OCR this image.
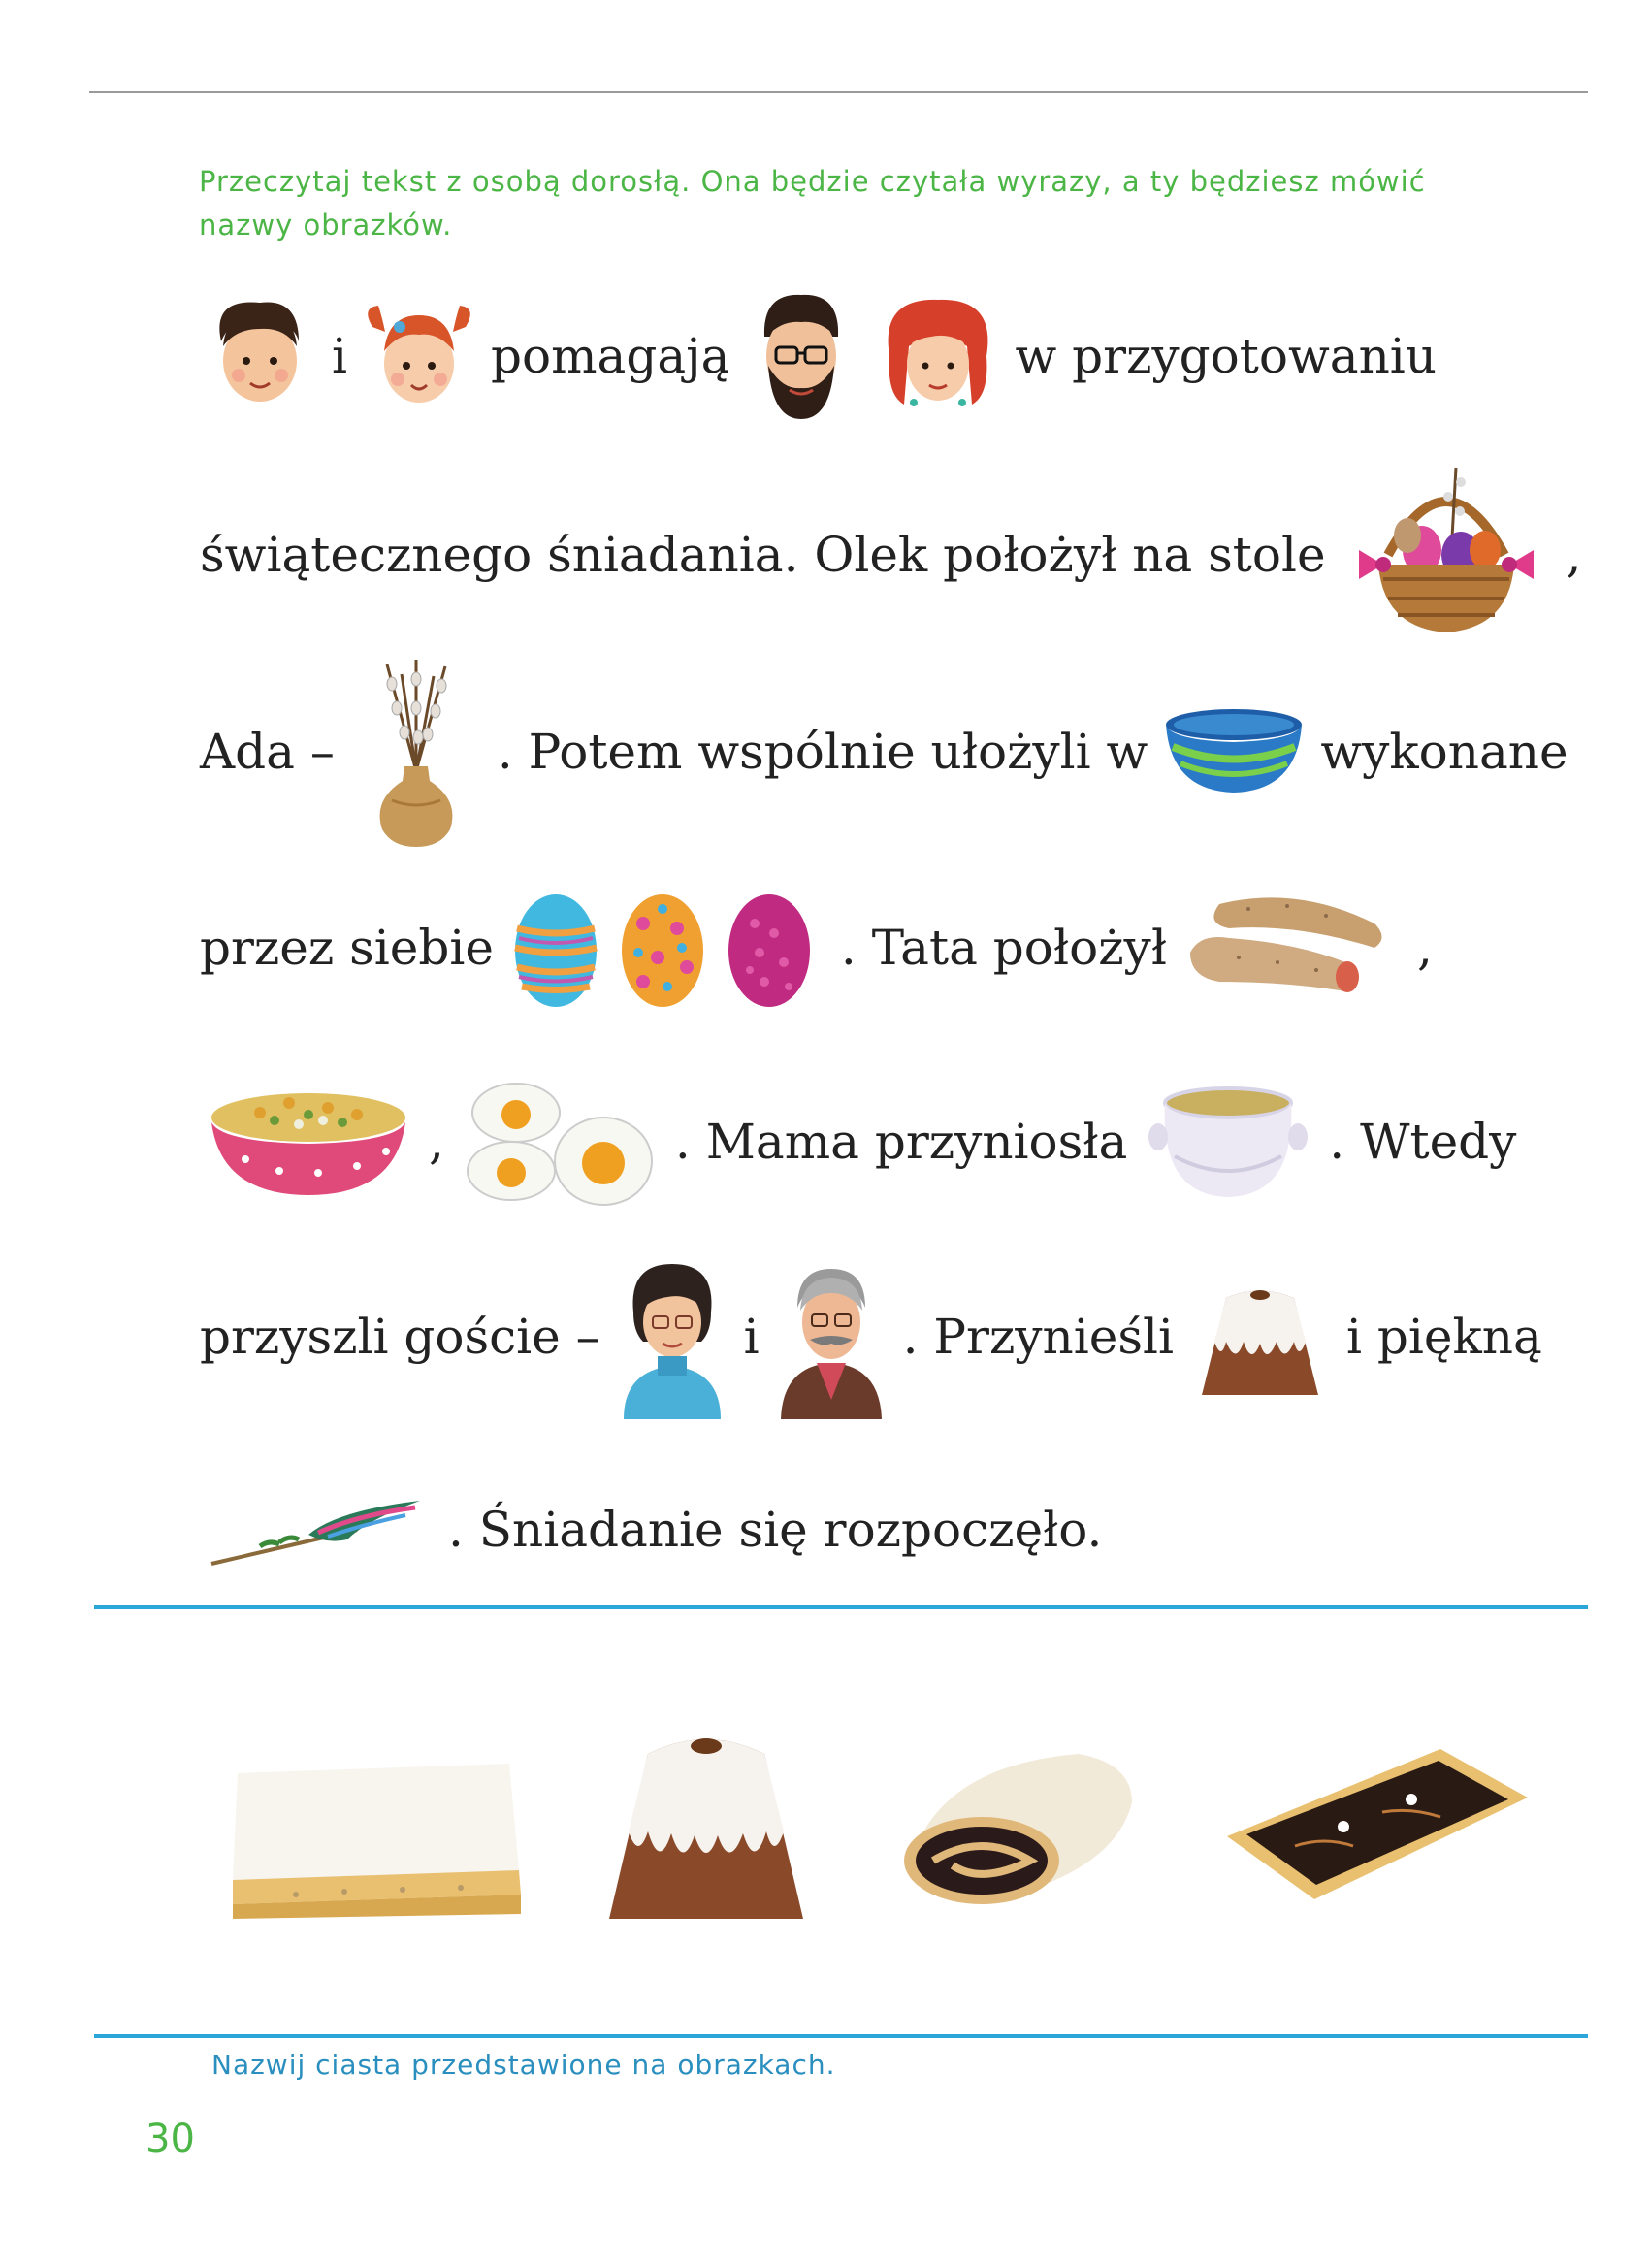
Przeczytaj tekst z osobą dorosłą. Ona będzie czytała wyrazy, a ty będziesz mówić nazwy obrazków.
i	pomagają	w przygotowaniu
świątecznego śniadania. Olek położył na stole	,
Ada –	. Potem wspólnie ułożyli w	wykonane
przez siebie	. Tata położył	,
,	. Mama przyniosła	. Wtedy
przyszli goście –	i	. Przynieśli	i piękną
. Śniadanie się rozpoczęło.
Nazwij ciasta przedstawione na obrazkach.
30
